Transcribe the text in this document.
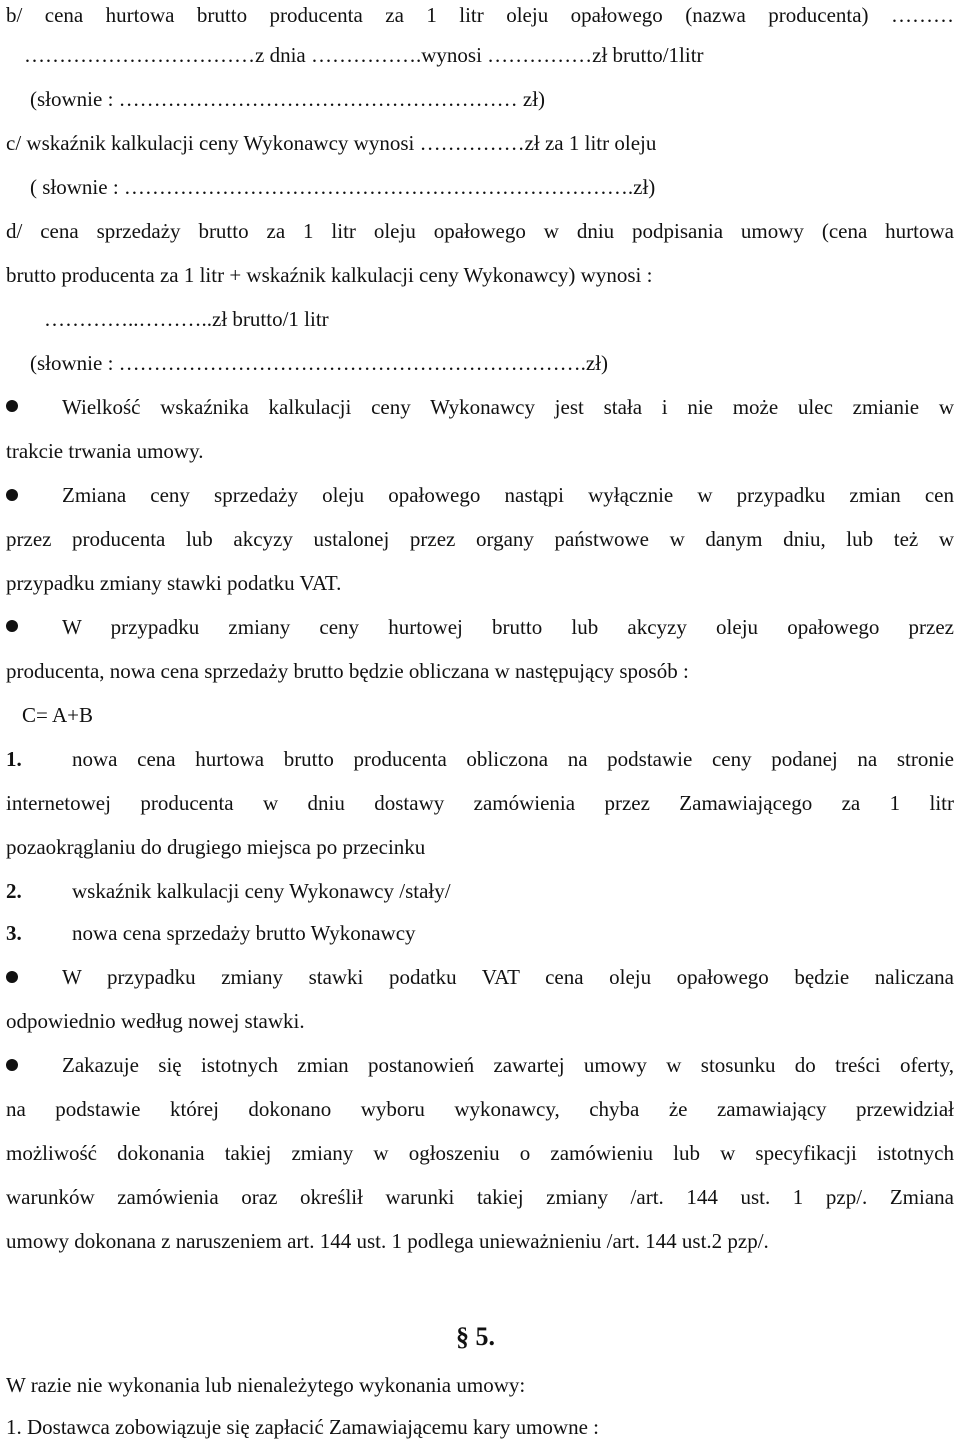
b/ cena hurtowa brutto producenta za 1 litr oleju opałowego (nazwa producenta) ………
……………………………z dnia …………….wynosi ……………zł brutto/1litr
(słownie : ………………………………………………… zł)
c/ wskaźnik kalkulacji ceny Wykonawcy wynosi ……………zł za 1 litr oleju
( słownie : ……………………………………………………………….zł)
d/ cena sprzedaży brutto za 1 litr oleju opałowego w dniu podpisania umowy (cena hurtowa
brutto producenta za 1 litr + wskaźnik kalkulacji ceny Wykonawcy) wynosi :
…………..………..zł brutto/1 litr
(słownie : ………………………………………………………….zł)
Wielkość wskaźnika kalkulacji ceny Wykonawcy jest stała i nie może ulec zmianie w
trakcie trwania umowy.
Zmiana ceny sprzedaży oleju opałowego nastąpi wyłącznie w przypadku zmian cen
przez producenta lub akcyzy ustalonej przez organy państwowe w danym dniu, lub też w
przypadku zmiany stawki podatku VAT.
W przypadku zmiany ceny hurtowej brutto lub akcyzy oleju opałowego przez
producenta, nowa cena sprzedaży brutto będzie obliczana w następujący sposób :
C= A+B
1. nowa cena hurtowa brutto producenta obliczona na podstawie ceny podanej na stronie
internetowej producenta w dniu dostawy zamówienia przez Zamawiającego za 1 litr
pozaokrąglaniu do drugiego miejsca po przecinku
2. wskaźnik kalkulacji ceny Wykonawcy /stały/
3. nowa cena sprzedaży brutto Wykonawcy
W przypadku zmiany stawki podatku VAT cena oleju opałowego będzie naliczana
odpowiednio według nowej stawki.
Zakazuje się istotnych zmian postanowień zawartej umowy w stosunku do treści oferty,
na podstawie której dokonano wyboru wykonawcy, chyba że zamawiający przewidział
możliwość dokonania takiej zmiany w ogłoszeniu o zamówieniu lub w specyfikacji istotnych
warunków zamówienia oraz określił warunki takiej zmiany /art. 144 ust. 1 pzp/. Zmiana
umowy dokonana z naruszeniem art. 144 ust. 1 podlega unieważnieniu /art. 144 ust.2 pzp/.
§ 5.
W razie nie wykonania lub nienależytego wykonania umowy:
1. Dostawca zobowiązuje się zapłacić Zamawiającemu kary umowne :
